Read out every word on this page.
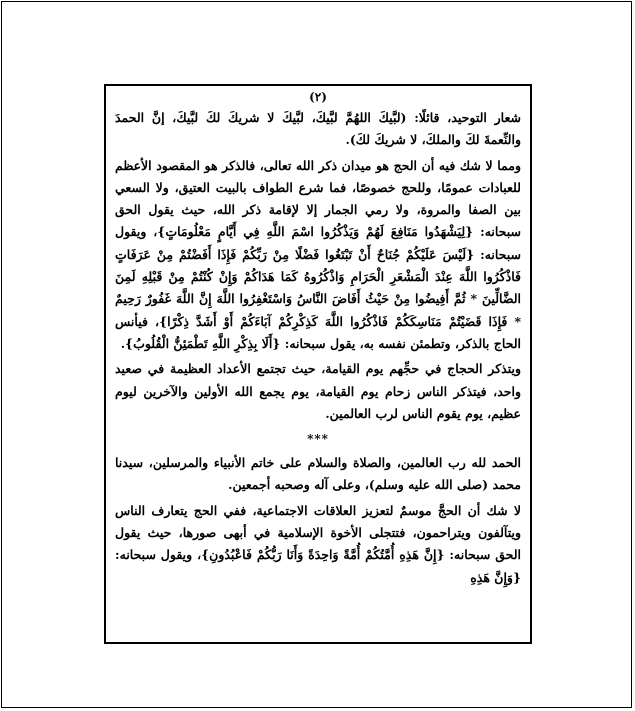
(٢)

شعار التوحيد، قائلًا: (لبَّيكَ اللهُمَّ لبَّيكَ، لبَّيكَ لا شريكَ لكَ لبَّيكَ، إنَّ الحمدَ والنِّعمةَ لكَ والملكَ، لا شريكَ لكَ).

ومما لا شك فيه أن الحج هو ميدان ذكر الله تعالى، فالذكر هو المقصود الأعظم للعبادات عمومًا، وللحج خصوصًا، فما شرع الطواف بالبيت العتيق، ولا السعي بين الصفا والمروة، ولا رمي الجمار إلا لإقامة ذكر الله، حيث يقول الحق سبحانه: {لِيَشْهَدُوا مَنَافِعَ لَهُمْ وَيَذْكُرُوا اسْمَ اللَّهِ فِي أَيَّامٍ مَعْلُومَاتٍ}، ويقول سبحانه: {لَيْسَ عَلَيْكُمْ جُنَاحٌ أَنْ تَبْتَغُوا فَضْلًا مِنْ رَبِّكُمْ فَإِذَا أَفَضْتُمْ مِنْ عَرَفَاتٍ فَاذْكُرُوا اللَّهَ عِنْدَ الْمَشْعَرِ الْحَرَامِ وَاذْكُرُوهُ كَمَا هَدَاكُمْ وَإِنْ كُنْتُمْ مِنْ قَبْلِهِ لَمِنَ الضَّالِّينَ * ثُمَّ أَفِيضُوا مِنْ حَيْثُ أَفَاضَ النَّاسُ وَاسْتَغْفِرُوا اللَّهَ إِنَّ اللَّهَ غَفُورٌ رَحِيمٌ * فَإِذَا قَضَيْتُمْ مَنَاسِكَكُمْ فَاذْكُرُوا اللَّهَ كَذِكْرِكُمْ آبَاءَكُمْ أَوْ أَشَدَّ ذِكْرًا}، فيأنس الحاج بالذكر، وتطمئن نفسه به، يقول سبحانه: {أَلَا بِذِكْرِ اللَّهِ تَطْمَئِنُّ الْقُلُوبُ}.

ويتذكر الحجاج في حجِّهم يوم القيامة، حيث تجتمع الأعداد العظيمة في صعيد واحد، فيتذكر الناس زحام يوم القيامة، يوم يجمع الله الأولين والآخرين ليوم عظيم، يوم يقوم الناس لرب العالمين.

***

الحمد لله رب العالمين، والصلاة والسلام على خاتم الأنبياء والمرسلين، سيدنا محمد (صلى الله عليه وسلم)، وعلى آله وصحبه أجمعين.

لا شك أن الحجَّ موسمٌ لتعزيز العلاقات الاجتماعية، ففي الحج يتعارف الناس ويتآلفون ويتراحمون، فتتجلى الأخوة الإسلامية في أبهى صورها، حيث يقول الحق سبحانه: {إِنَّ هَذِهِ أُمَّتُكُمْ أُمَّةً وَاحِدَةً وَأَنَا رَبُّكُمْ فَاعْبُدُونِ}، ويقول سبحانه: {وَإِنَّ هَذِهِ
